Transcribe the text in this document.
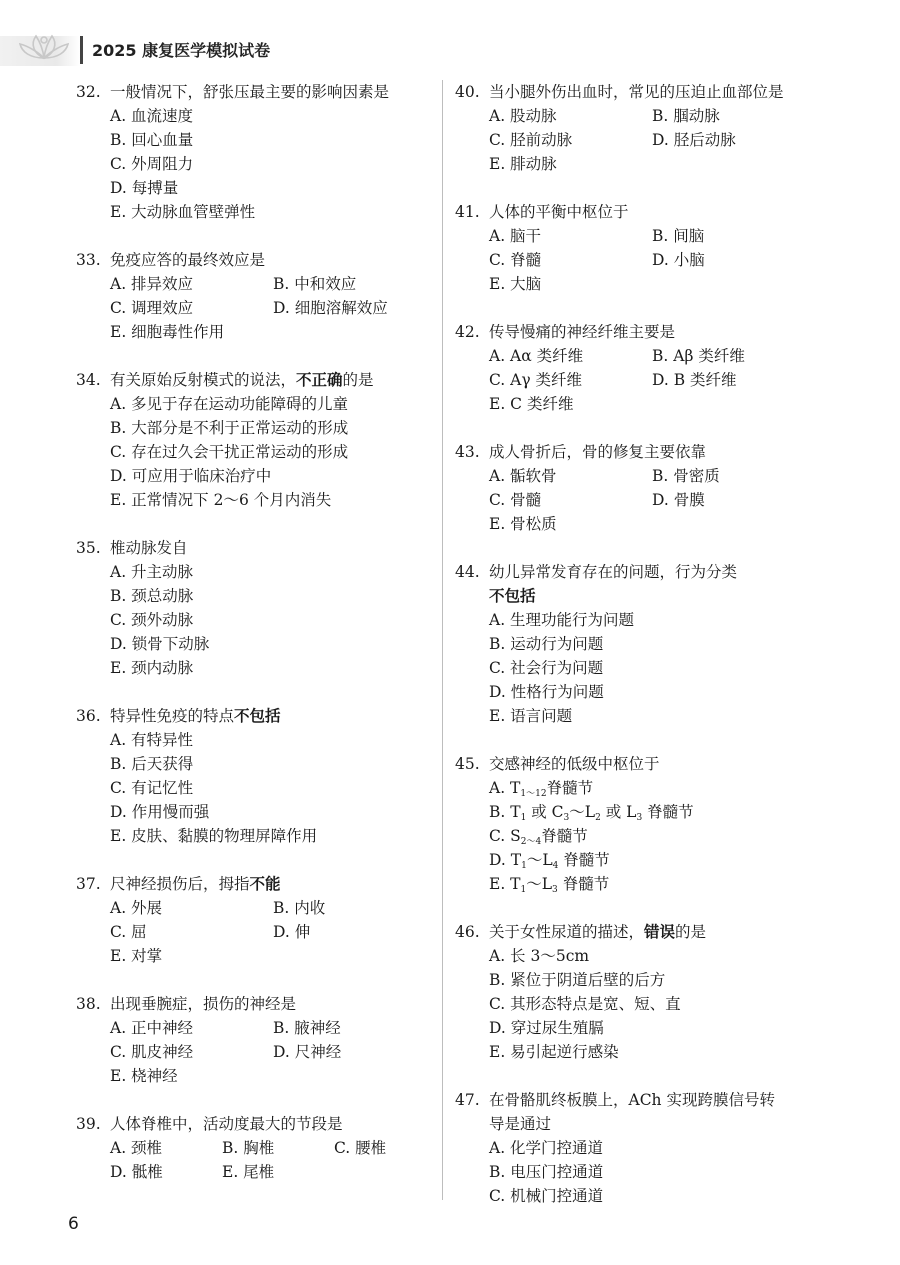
2025 康复医学模拟试卷
32. 一般情况下，舒张压最主要的影响因素是
A. 血流速度
B. 回心血量
C. 外周阻力
D. 每搏量
E. 大动脉血管壁弹性
33. 免疫应答的最终效应是
A. 排异效应	B. 中和效应
C. 调理效应	D. 细胞溶解效应
E. 细胞毒性作用
34. 有关原始反射模式的说法，不正确的是
A. 多见于存在运动功能障碍的儿童
B. 大部分是不利于正常运动的形成
C. 存在过久会干扰正常运动的形成
D. 可应用于临床治疗中
E. 正常情况下 2～6 个月内消失
35. 椎动脉发自
A. 升主动脉
B. 颈总动脉
C. 颈外动脉
D. 锁骨下动脉
E. 颈内动脉
36. 特异性免疫的特点不包括
A. 有特异性
B. 后天获得
C. 有记忆性
D. 作用慢而强
E. 皮肤、黏膜的物理屏障作用
37. 尺神经损伤后，拇指不能
A. 外展	B. 内收
C. 屈	D. 伸
E. 对掌
38. 出现垂腕症，损伤的神经是
A. 正中神经	B. 腋神经
C. 肌皮神经	D. 尺神经
E. 桡神经
39. 人体脊椎中，活动度最大的节段是
A. 颈椎	B. 胸椎	C. 腰椎
D. 骶椎	E. 尾椎
40. 当小腿外伤出血时，常见的压迫止血部位是
A. 股动脉	B. 腘动脉
C. 胫前动脉	D. 胫后动脉
E. 腓动脉
41. 人体的平衡中枢位于
A. 脑干	B. 间脑
C. 脊髓	D. 小脑
E. 大脑
42. 传导慢痛的神经纤维主要是
A. Aα 类纤维	B. Aβ 类纤维
C. Aγ 类纤维	D. B 类纤维
E. C 类纤维
43. 成人骨折后，骨的修复主要依靠
A. 骺软骨	B. 骨密质
C. 骨髓	D. 骨膜
E. 骨松质
44. 幼儿异常发育存在的问题，行为分类
不包括
A. 生理功能行为问题
B. 运动行为问题
C. 社会行为问题
D. 性格行为问题
E. 语言问题
45. 交感神经的低级中枢位于
A. $T_{1\sim 12}$脊髓节
B. $T_1$ 或 $C_3\sim L_2$ 或 $L_3$ 脊髓节
C. $S_{2\sim 4}$脊髓节
D. $T_1\sim L_4$ 脊髓节
E. $T_1\sim L_3$ 脊髓节
46. 关于女性尿道的描述，错误的是
A. 长 3～5cm
B. 紧位于阴道后壁的后方
C. 其形态特点是宽、短、直
D. 穿过尿生殖膈
E. 易引起逆行感染
47. 在骨骼肌终板膜上，ACh 实现跨膜信号转
导是通过
A. 化学门控通道
B. 电压门控通道
C. 机械门控通道
6
